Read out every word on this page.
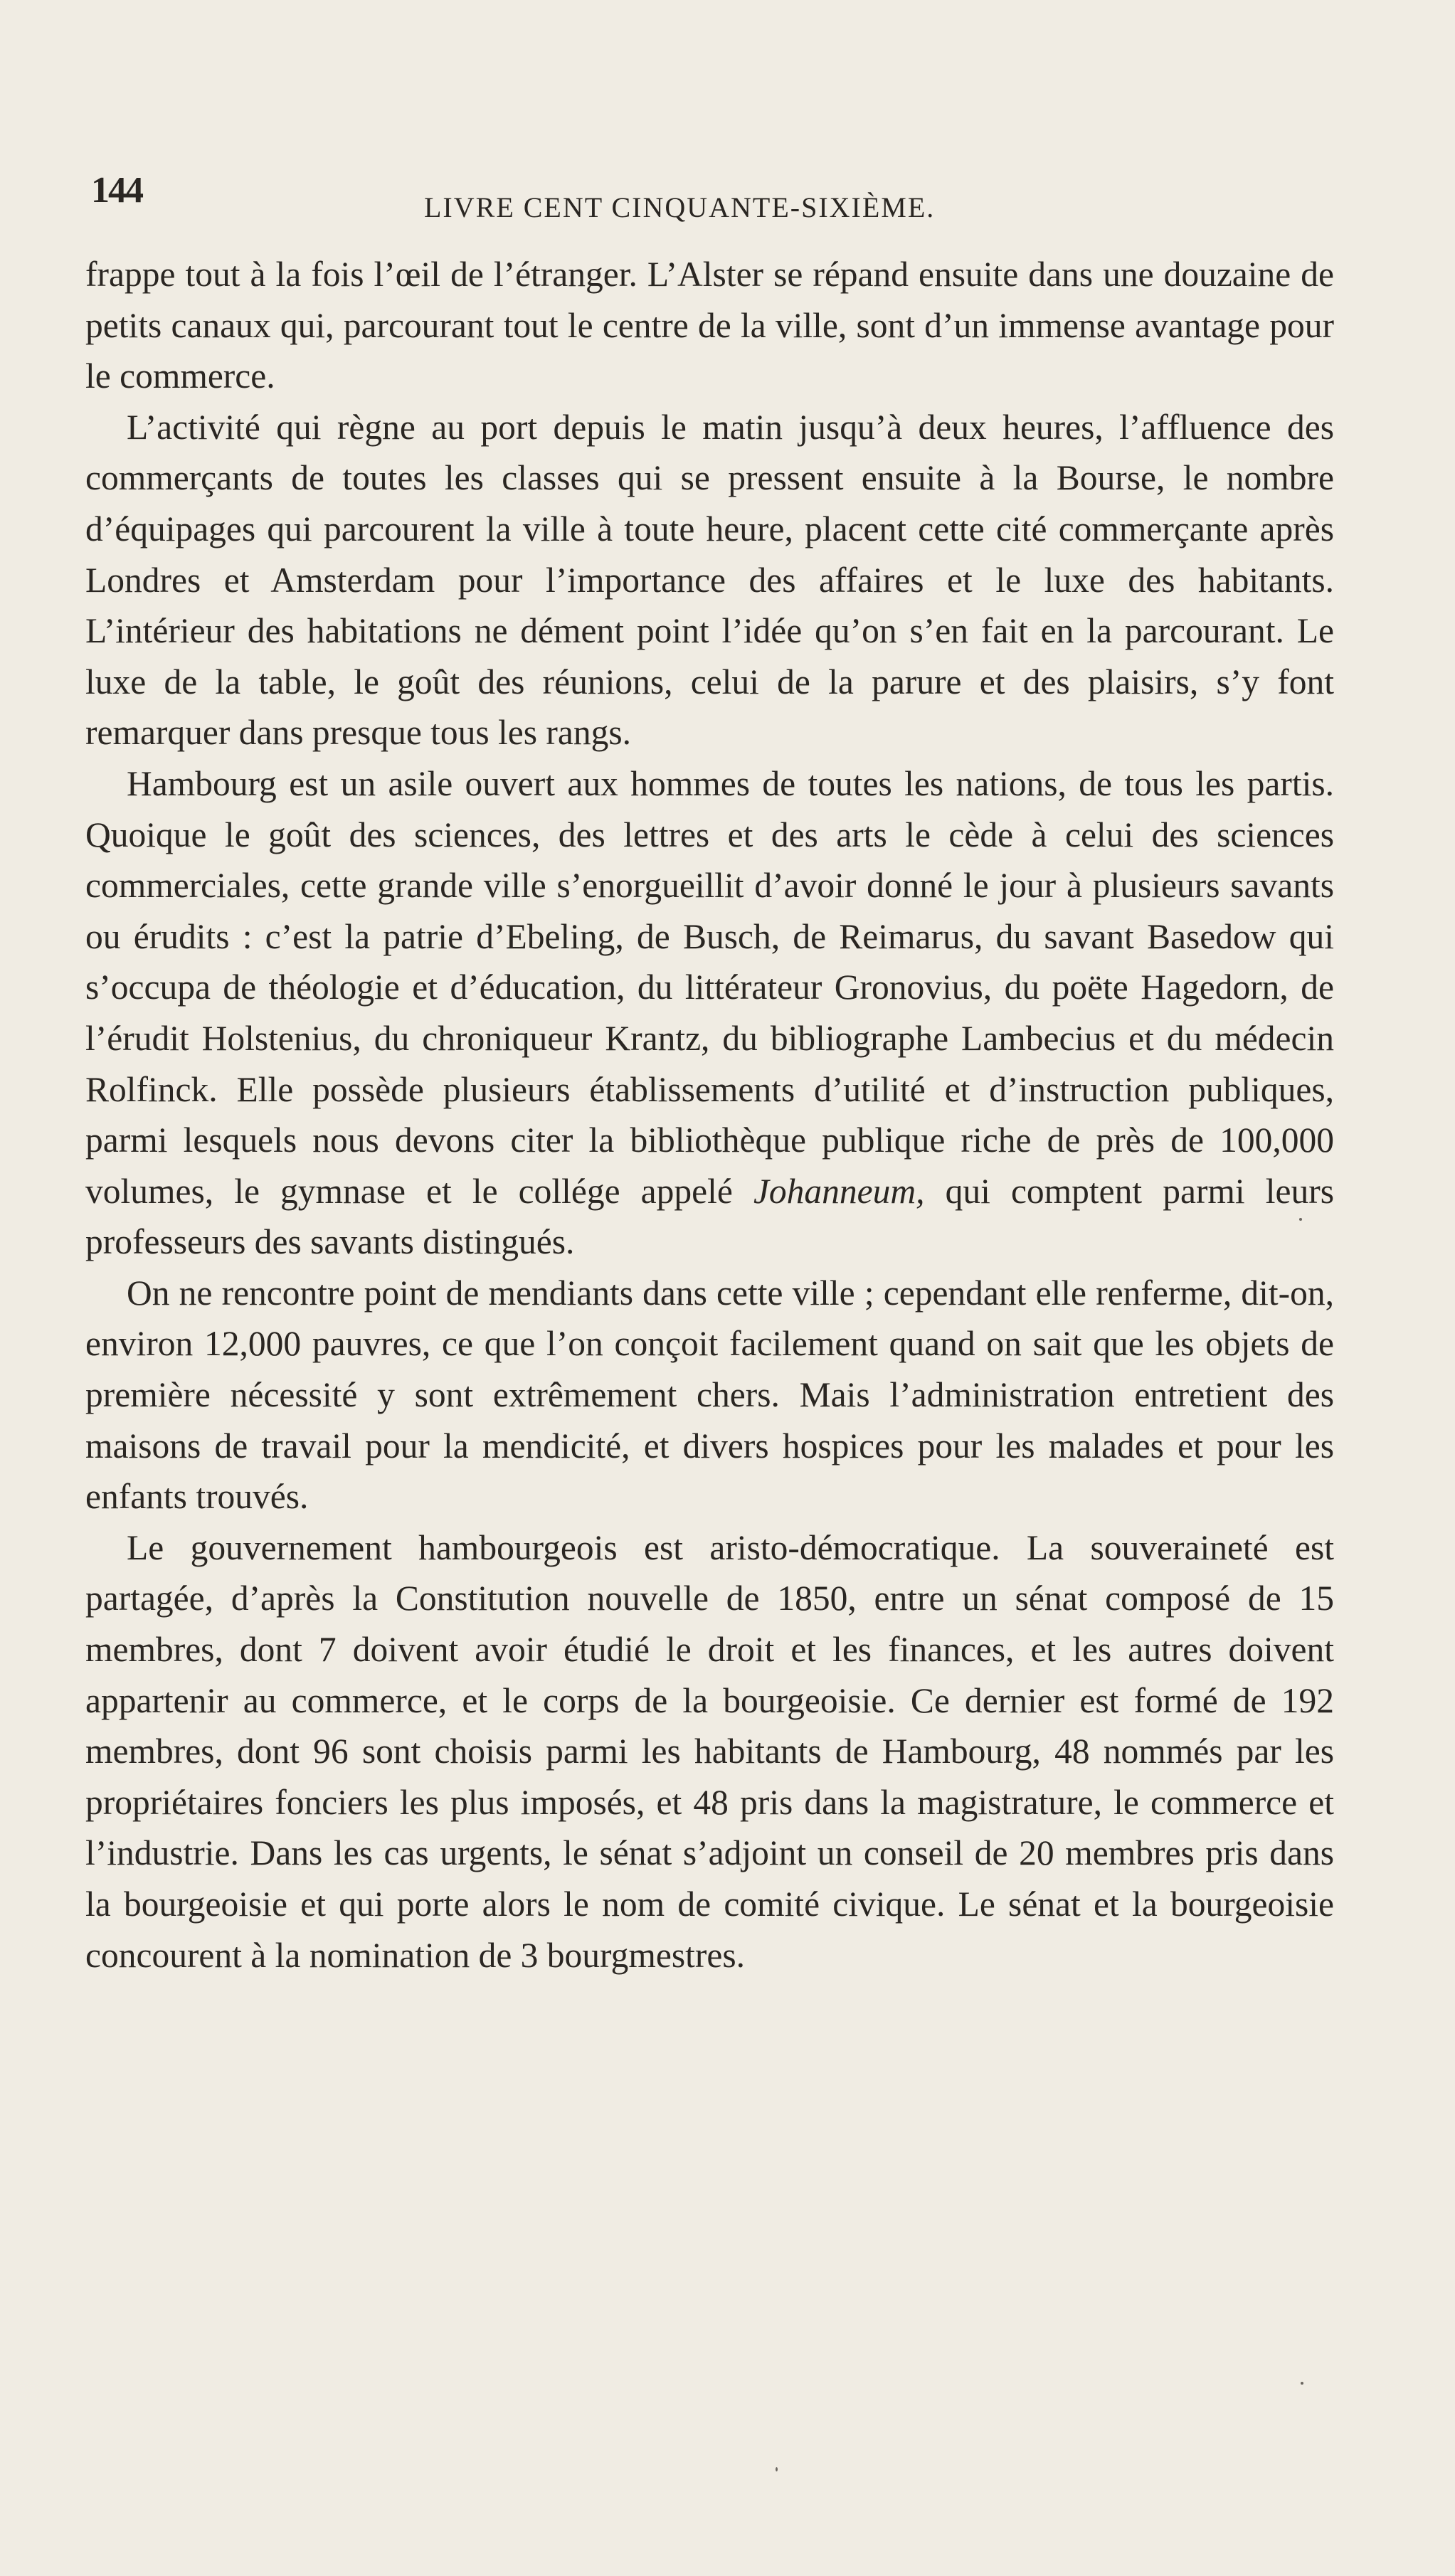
144	LIVRE CENT CINQUANTE-SIXIÈME.

frappe tout à la fois l’œil de l’étranger. L’Alster se répand ensuite dans une douzaine de petits canaux qui, parcourant tout le centre de la ville, sont d’un immense avantage pour le commerce.

L’activité qui règne au port depuis le matin jusqu’à deux heures, l’affluence des commerçants de toutes les classes qui se pressent ensuite à la Bourse, le nombre d’équipages qui parcourent la ville à toute heure, placent cette cité commerçante après Londres et Amsterdam pour l’importance des affaires et le luxe des habitants. L’intérieur des habitations ne dément point l’idée qu’on s’en fait en la parcourant. Le luxe de la table, le goût des réunions, celui de la parure et des plaisirs, s’y font remarquer dans presque tous les rangs.

Hambourg est un asile ouvert aux hommes de toutes les nations, de tous les partis. Quoique le goût des sciences, des lettres et des arts le cède à celui des sciences commerciales, cette grande ville s’enorgueillit d’avoir donné le jour à plusieurs savants ou érudits : c’est la patrie d’Ebeling, de Busch, de Reimarus, du savant Basedow qui s’occupa de théologie et d’éducation, du littérateur Gronovius, du poëte Hagedorn, de l’érudit Holstenius, du chroniqueur Krantz, du bibliographe Lambecius et du médecin Rolfinck. Elle possède plusieurs établissements d’utilité et d’instruction publiques, parmi lesquels nous devons citer la bibliothèque publique riche de près de 100,000 volumes, le gymnase et le collége appelé Johanneum, qui comptent parmi leurs professeurs des savants distingués.

On ne rencontre point de mendiants dans cette ville ; cependant elle renferme, dit-on, environ 12,000 pauvres, ce que l’on conçoit facilement quand on sait que les objets de première nécessité y sont extrêmement chers. Mais l’administration entretient des maisons de travail pour la mendicité, et divers hospices pour les malades et pour les enfants trouvés.

Le gouvernement hambourgeois est aristo-démocratique. La souveraineté est partagée, d’après la Constitution nouvelle de 1850, entre un sénat composé de 15 membres, dont 7 doivent avoir étudié le droit et les finances, et les autres doivent appartenir au commerce, et le corps de la bourgeoisie. Ce dernier est formé de 192 membres, dont 96 sont choisis parmi les habitants de Hambourg, 48 nommés par les propriétaires fonciers les plus imposés, et 48 pris dans la magistrature, le commerce et l’industrie. Dans les cas urgents, le sénat s’adjoint un conseil de 20 membres pris dans la bourgeoisie et qui porte alors le nom de comité civique. Le sénat et la bourgeoisie concourent à la nomination de 3 bourgmestres.
